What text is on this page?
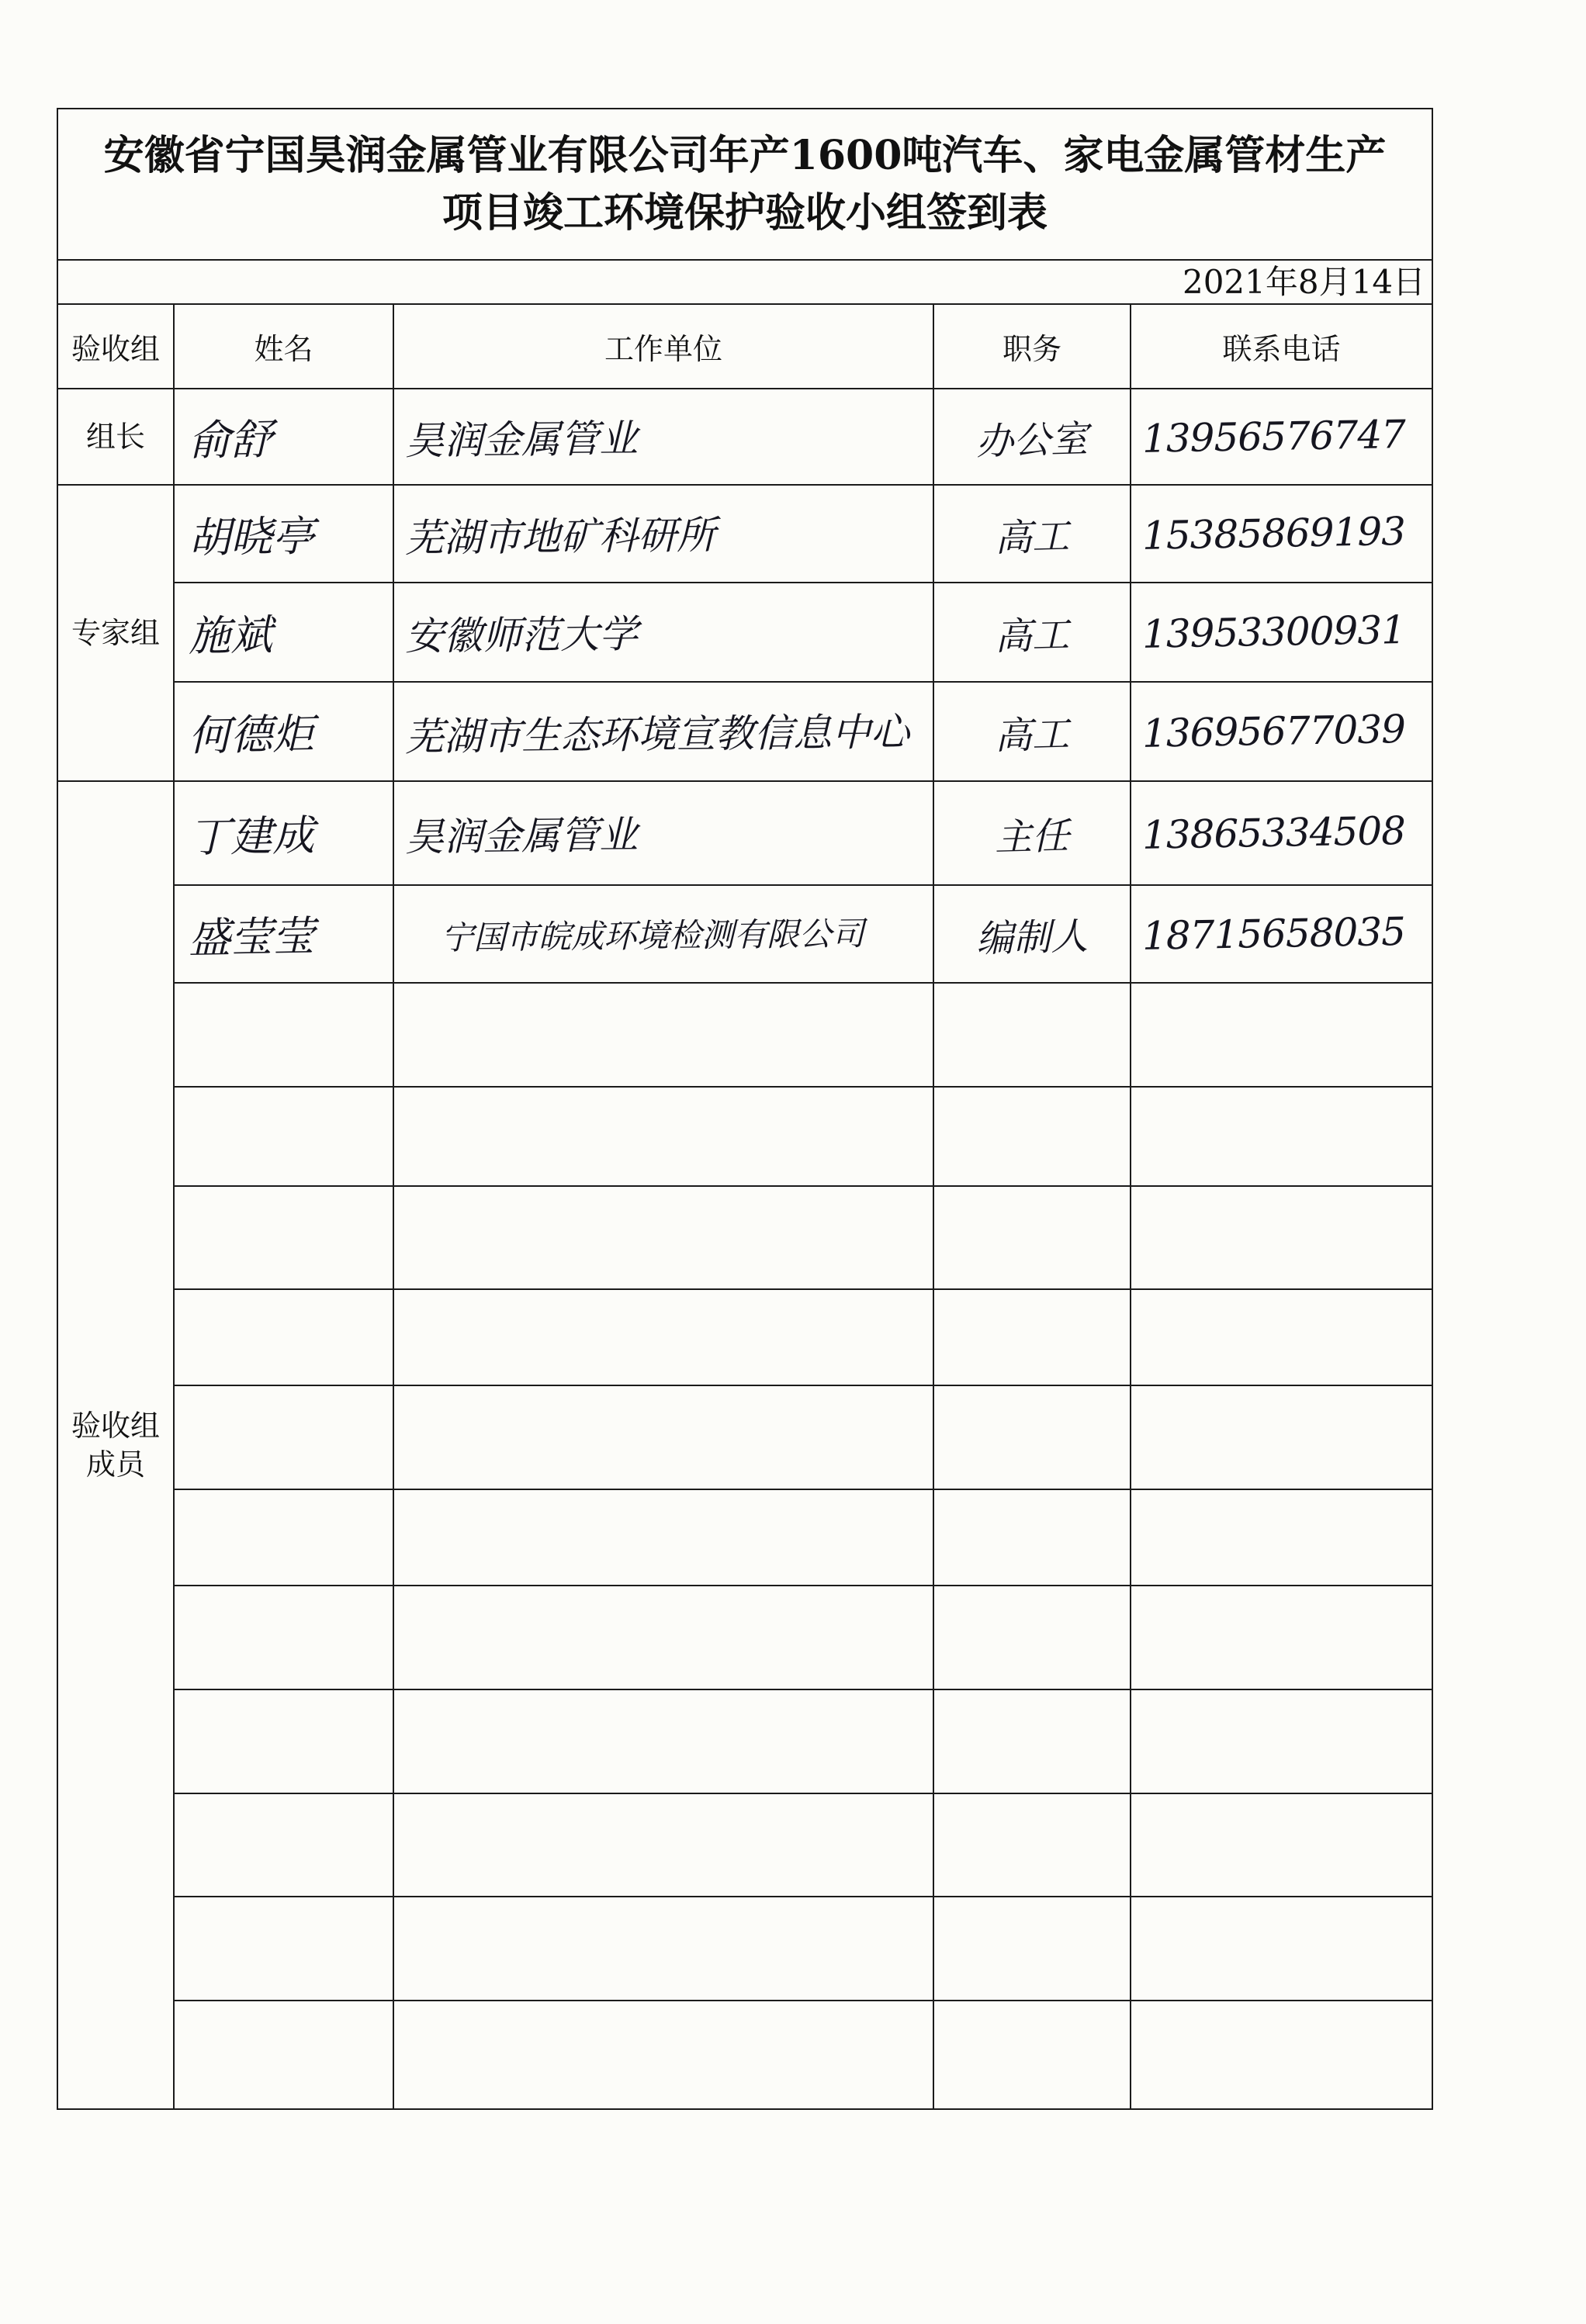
安徽省宁国昊润金属管业有限公司年产1600吨汽车、家电金属管材生产
项目竣工环境保护验收小组签到表				

2021年8月14日				
验收组	姓名	工作单位	职务	联系电话
组长	俞舒	昊润金属管业	办公室	13956576747
专家组	胡晓亭	芜湖市地矿科研所	高工	15385869193
	施斌	安徽师范大学	高工	13953300931
	何德炬	芜湖市生态环境宣教信息中心	高工	13695677039

验收组
成员	丁建成	昊润金属管业	主任	13865334508
	盛莹莹	宁国市皖成环境检测有限公司	编制人	18715658035
